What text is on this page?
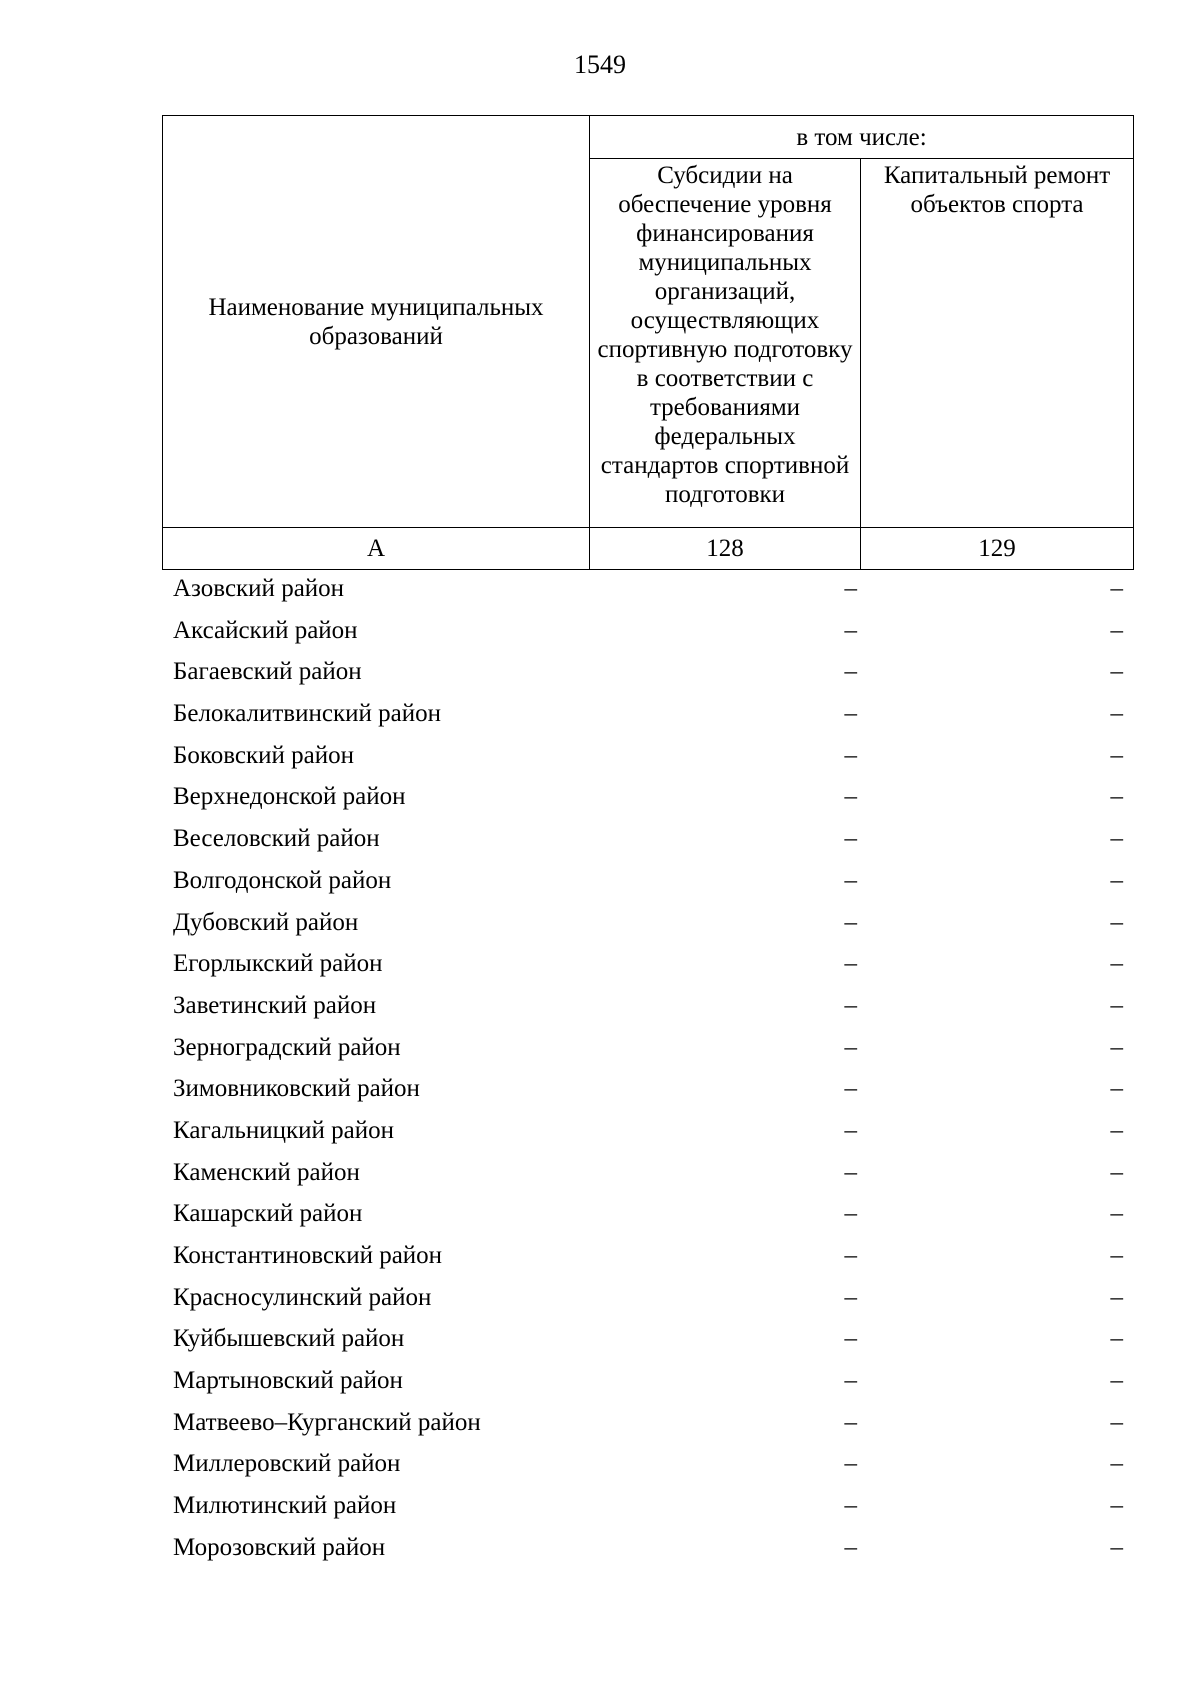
1549
Наименование муниципальных образований	в том числе:	
	Субсидии на обеспечение уровня финансирования муниципальных организаций, осуществляющих спортивную подготовку в соответствии с требованиями федеральных стандартов спортивной подготовки	Капитальный ремонт объектов спорта
А	128	129
Азовский район	–	–
Аксайский район	–	–
Багаевский район	–	–
Белокалитвинский район	–	–
Боковский район	–	–
Верхнедонской район	–	–
Веселовский район	–	–
Волгодонской район	–	–
Дубовский район	–	–
Егорлыкский район	–	–
Заветинский район	–	–
Зерноградский район	–	–
Зимовниковский район	–	–
Кагальницкий район	–	–
Каменский район	–	–
Кашарский район	–	–
Константиновский район	–	–
Красносулинский район	–	–
Куйбышевский район	–	–
Мартыновский район	–	–
Матвеево–Курганский район	–	–
Миллеровский район	–	–
Милютинский район	–	–
Морозовский район	–	–
